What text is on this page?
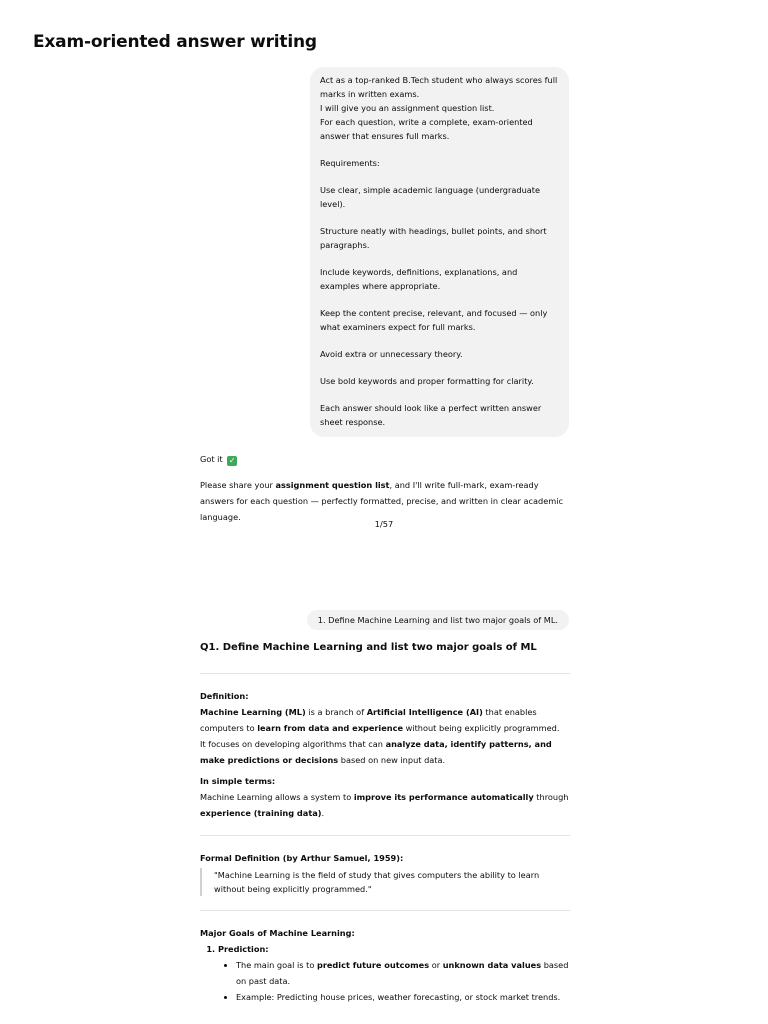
Exam-oriented answer writing

Act as a top-ranked B.Tech student who always scores full marks in written exams.

I will give you an assignment question list.

For each question, write a complete, exam-oriented answer that ensures full marks.

Requirements:

Use clear, simple academic language (undergraduate level).

Structure neatly with headings, bullet points, and short paragraphs.

Include keywords, definitions, explanations, and examples where appropriate.

Keep the content precise, relevant, and focused — only what examiners expect for full marks.

Avoid extra or unnecessary theory.

Use bold keywords and proper formatting for clarity.

Each answer should look like a perfect written answer sheet response.

Got it ✓
Please share your assignment question list, and I'll write full-mark, exam-ready answers for each question — perfectly formatted, precise, and written in clear academic language.
1/57
1. Define Machine Learning and list two major goals of ML.
Q1. Define Machine Learning and list two major goals of ML
Definition:
Machine Learning (ML) is a branch of Artificial Intelligence (AI) that enables computers to learn from data and experience without being explicitly programmed.
It focuses on developing algorithms that can analyze data, identify patterns, and make predictions or decisions based on new input data.
In simple terms:
Machine Learning allows a system to improve its performance automatically through experience (training data).
Formal Definition (by Arthur Samuel, 1959):
"Machine Learning is the field of study that gives computers the ability to learn without being explicitly programmed."
Major Goals of Machine Learning:
1. Prediction:
• The main goal is to predict future outcomes or unknown data values based on past data.
• Example: Predicting house prices, weather forecasting, or stock market trends.
